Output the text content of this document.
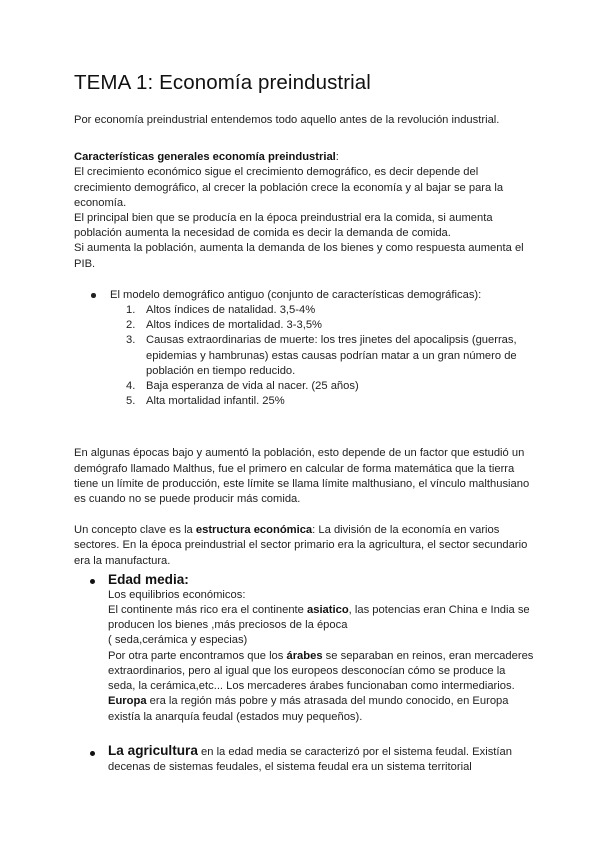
TEMA 1: Economía preindustrial

Por economía preindustrial entendemos todo aquello antes de la revolución industrial.

Características generales economía preindustrial:

El crecimiento económico sigue el crecimiento demográfico, es decir depende del crecimiento demográfico, al crecer la población crece la economía y al bajar se para la economía.

El principal bien que se producía en la época preindustrial era la comida, si aumenta población aumenta la necesidad de comida es decir la demanda de comida.

Si aumenta la población, aumenta la demanda de los bienes y como respuesta aumenta el PIB.

El modelo demográfico antiguo (conjunto de características demográficas):
1. Altos índices de natalidad. 3,5-4%
2. Altos índices de mortalidad. 3-3,5%
3. Causas extraordinarias de muerte: los tres jinetes del apocalipsis (guerras, epidemias y hambrunas) estas causas podrían matar a un gran número de población en tiempo reducido.
4. Baja esperanza de vida al nacer. (25 años)
5. Alta mortalidad infantil. 25%

En algunas épocas bajo y aumentó la población, esto depende de un factor que estudió un demógrafo llamado Malthus, fue el primero en calcular de forma matemática que la tierra tiene un límite de producción, este límite se llama límite malthusiano, el vínculo malthusiano es cuando no se puede producir más comida.

Un concepto clave es la estructura económica: La división de la economía en varios sectores. En la época preindustrial el sector primario era la agricultura, el sector secundario era la manufactura.

Edad media:

Los equilibrios económicos:

El continente más rico era el continente asiatico, las potencias eran China e India se producen los bienes ,más preciosos de la época

( seda,cerámica y especias)

Por otra parte encontramos que los árabes se separaban en reinos, eran mercaderes extraordinarios, pero al igual que los europeos desconocían cómo se produce la seda, la cerámica,etc... Los mercaderes árabes funcionaban como intermediarios.

Europa era la región más pobre y más atrasada del mundo conocido, en Europa existía la anarquía feudal (estados muy pequeños).

La agricultura en la edad media se caracterizó por el sistema feudal. Existían decenas de sistemas feudales, el sistema feudal era un sistema territorial
